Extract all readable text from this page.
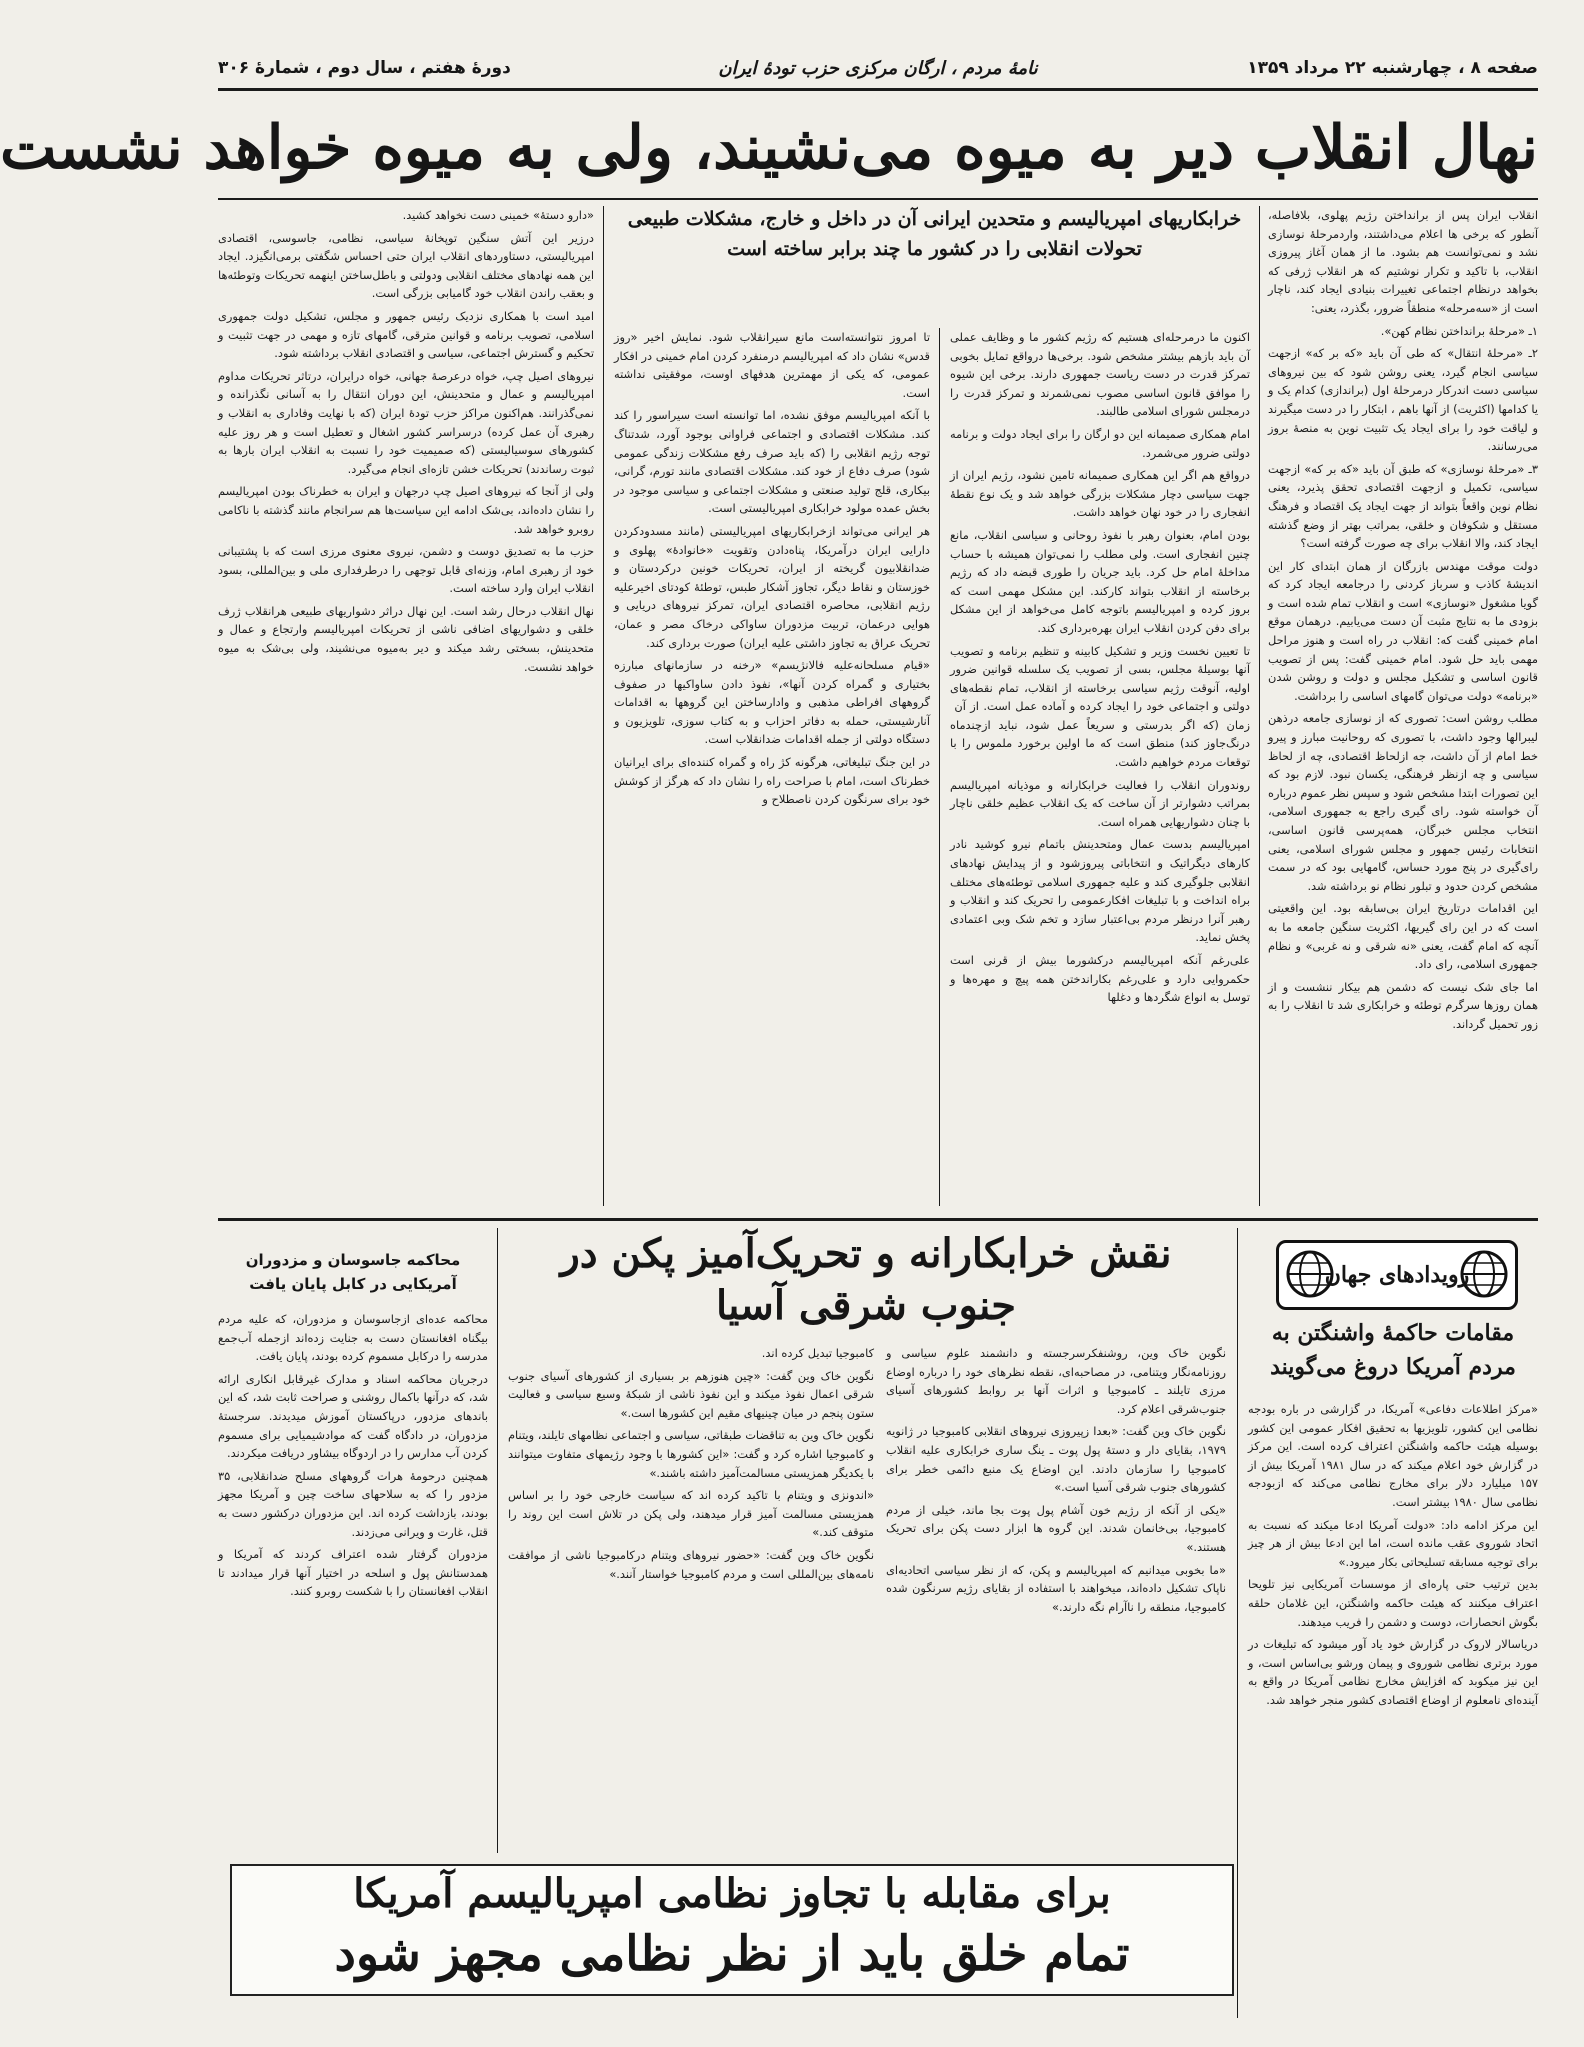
صفحه ۸ ، چهارشنبه ۲۲ مرداد ۱۳۵۹
نامهٔ مردم ، ارگان مرکزی حزب تودهٔ ایران
دورهٔ هفتم ، سال دوم ، شمارهٔ ۳۰۶
نهال انقلاب دیر به میوه می‌نشیند، ولی به میوه خواهد نشست
خرابکاریهای امپریالیسم و متحدین ایرانی آن در داخل و خارج، مشکلات طبیعی تحولات انقلابی را در کشور ما چند برابر ساخته است

انقلاب ایران پس از برانداختن رژیم پهلوی، بلافاصله، آنطور که برخی ها اعلام می‌داشتند، واردمرحلهٔ نوسازی نشد و نمی‌توانست هم بشود. ما از همان آغاز پیروزی انقلاب، با تاکید و تکرار نوشتیم که هر انقلاب ژرفی که بخواهد درنظام اجتماعی تغییرات بنیادی ایجاد کند، ناچار است از «سه‌مرحله» منطقاً ضرور، بگذرد، یعنی:

۱ـ «مرحلهٔ برانداختن نظام کهن».

۲ـ «مرحلهٔ انتقال» که طی آن باید «که بر که» ازجهت سیاسی انجام گیرد، یعنی روشن شود که بین نیروهای سیاسی دست اندرکار درمرحلهٔ اول (براندازی) کدام یک و یا کدامها (اکثریت) از آنها باهم ، ابتکار را در دست میگیرند و لیاقت خود را برای ایجاد یک تثبیت نوین به منصهٔ بروز می‌رسانند.

۳ـ «مرحلهٔ نوسازی» که طبق آن باید «که بر که» ازجهت سیاسی، تکمیل و ازجهت اقتصادی تحقق پذیرد، یعنی نظام نوین واقعاً بتواند از جهت ایجاد یک اقتصاد و فرهنگ مستقل و شکوفان و خلقی، بمراتب بهتر از وضع گذشته ایجاد کند، والا انقلاب برای چه صورت گرفته است؟

دولت موقت مهندس بازرگان از همان ابتدای کار این اندیشهٔ کاذب و سرباز کردنی را درجامعه ایجاد کرد که گویا مشغول «نوسازی» است و انقلاب تمام شده است و بزودی ما به نتایج مثبت آن دست می‌یابیم. درهمان موقع امام خمینی گفت که: انقلاب در راه است و هنوز مراحل مهمی باید حل شود. امام خمینی گفت: پس از تصویب قانون اساسی و تشکیل مجلس و دولت و روشن شدن «برنامه» دولت می‌توان گامهای اساسی را برداشت.

مطلب روشن است: تصوری که از نوسازی جامعه درذهن لیبرالها وجود داشت، با تصوری که روحانیت مبارز و پیرو خط امام از آن داشت، جه ازلحاظ اقتصادی، چه از لحاظ سیاسی و چه ازنظر فرهنگی، یکسان نبود. لازم بود که این تصورات ابتدا مشخص شود و سپس نظر عموم درباره آن خواسته شود. رای گیری راجع به جمهوری اسلامی، انتخاب مجلس خبرگان، همه‌پرسی قانون اساسی، انتخابات رئیس جمهور و مجلس شورای اسلامی، یعنی رای‌گیری در پنج مورد حساس، گامهایی بود که در سمت مشخص کردن حدود و تبلور نظام نو برداشته شد.

این اقدامات درتاریخ ایران بی‌سابقه بود. این واقعیتی است که در این رای گیریها، اکثریت سنگین جامعه ما به آنچه که امام گفت، یعنی «نه شرقی و نه غربی» و نظام جمهوری اسلامی، رای داد.

اما جای شک نیست که دشمن هم بیکار ننشست و از همان روزها سرگرم توطئه و خرابکاری شد تا انقلاب را به زور تحمیل گرداند.

اکنون ما درمرحله‌ای هستیم که رژیم کشور ما و وظایف عملی آن باید بازهم بیشتر مشخص شود. برخی‌ها درواقع تمایل بخوبی تمرکز قدرت در دست ریاست جمهوری دارند. برخی این شیوه را موافق قانون اساسی مصوب نمی‌شمرند و تمرکز قدرت را درمجلس شورای اسلامی طالبند.

امام همکاری صمیمانه این دو ارگان را برای ایجاد دولت و برنامه دولتی ضرور می‌شمرد.

درواقع هم اگر این همکاری صمیمانه تامین نشود، رژیم ایران از جهت سیاسی دچار مشکلات بزرگی خواهد شد و یک نوع نقطهٔ انفجاری را در خود نهان خواهد داشت.

بودن امام، بعنوان رهبر با نفوذ روحانی و سیاسی انقلاب، مانع چنین انفجاری است. ولی مطلب را نمی‌توان همیشه با حساب مداخلهٔ امام حل کرد. باید جریان را طوری قبضه داد که رژیم برخاسته از انقلاب بتواند کارکند. این مشکل مهمی است که بروز کرده و امپریالیسم باتوجه کامل می‌خواهد از این مشکل برای دفن کردن انقلاب ایران بهره‌برداری کند.

تا تعیین نخست وزیر و تشکیل کابینه و تنظیم برنامه و تصویب آنها بوسیلهٔ مجلس، بسی از تصویب یک سلسله قوانین ضرور اولیه، آنوقت رژیم سیاسی برخاسته از انقلاب، تمام نقطه‌های دولتی و اجتماعی خود را ایجاد کرده و آماده عمل است. از آن ‌ ‌زمان (که اگر بدرستی و سریعاً عمل شود، نباید ازچندماه درنگ‌جاوز کند) منطق است که ما اولین برخورد ملموس را با توقعات مردم خواهیم داشت.

روندوران انقلاب را فعالیت خرابکارانه و موذیانه امپریالیسم بمراتب دشوارتر از آن ساخت که یک انقلاب عظیم خلقی ناچار با چنان دشواریهایی همراه است.

امپریالیسم بدست عمال ومتحدینش باتمام نیرو کوشید نادر کارهای دیگراتیک و انتخاباتی پیروزشود و از پیدایش نهادهای انقلابی جلوگیری کند و علیه جمهوری اسلامی توطئه‌های مختلف براه انداخت و با تبلیغات افکارعمومی را تحریک کند و انقلاب و رهبر آنرا درنظر مردم بی‌اعتبار سازد و تخم شک وبی اعتمادی پخش نماید.

علی‌رغم آنکه امپریالیسم درکشورما بیش از قرنی است حکمروایی دارد و علی‌رغم بکاراندختن همه پیچ و مهره‌ها و توسل به انواع شگردها و دغلها

تا امروز نتوانسته‌است مانع سیرانقلاب شود. نمایش اخیر «روز قدس» نشان داد که امپریالیسم درمنفرد کردن امام خمینی در افکار عمومی، که یکی از مهمترین هدفهای اوست، موفقیتی نداشته است.

با آنکه امپریالیسم موفق نشده، اما توانسته است سیراسور را کند کند. مشکلات اقتصادی و اجتماعی فراوانی بوجود آورد، شدتناگ توجه رژیم انقلابی را (که باید صرف رفع مشکلات زندگی عمومی شود) صرف دفاع از خود کند. مشکلات اقتصادی مانند تورم، گرانی، بیکاری، قلج تولید صنعتی و مشکلات اجتماعی و سیاسی موجود در بخش عمده مولود خرابکاری امپریالیستی است.

هر ایرانی می‌تواند ازخرابکاریهای امپریالیستی (مانند مسدودکردن دارایی ایران درآمریکا، پناه‌دادن وتقویت «خانوادهٔ» پهلوی و ضدانقلابیون گریخته از ایران، تحریکات خونین درکردستان و خوزستان و نقاط دیگر، تجاوز آشکار طبس، توطئهٔ کودتای اخیرعلیه رژیم انقلابی، محاصره اقتصادی ایران، تمرکز نیروهای دریایی و هوایی درعمان، تربیت مزدوران ساواکی درخاک مصر و عمان، تحریک عراق به تجاوز داشتی علیه ایران) صورت برداری کند.

«قیام مسلحانه‌علیه فالانژیسم» «رخنه در سازمانهای مبارزه بختیاری و گمراه کردن آنها»، نفوذ دادن ساواکیها در صفوف گروههای افراطی مذهبی و وادارساختن این گروهها به اقدامات آنارشیستی، حمله به دفاتر احزاب و به کتاب سوزی، تلویزیون و دستگاه دولتی از جمله اقدامات ضدانقلاب است.

در این جنگ تبلیغاتی، هرگونه کژ راه و گمراه کننده‌ای برای ایرانیان خطرناک است، امام با صراحت راه را نشان داد که هرگز از کوشش خود برای سرنگون کردن ناصطلاح و

«دارو دستهٔ» خمینی دست نخواهد کشید.

درزیر این آتش سنگین توپخانهٔ سیاسی، نظامی، جاسوسی، اقتصادی امپریالیستی، دستاوردهای انقلاب ایران حتی احساس شگفتی برمی‌انگیزد. ایجاد این همه نهادهای مختلف انقلابی ودولتی و باطل‌ساختن اینهمه تحریکات وتوطئه‌ها و بعقب راندن انقلاب خود گامیابی بزرگی است.

امید است با همکاری نزدیک رئیس جمهور و مجلس، تشکیل دولت جمهوری اسلامی، تصویب برنامه و قوانین مترقی، گامهای تازه و مهمی در جهت تثبیت و تحکیم و گسترش اجتماعی، سیاسی و اقتصادی انقلاب برداشته شود.

نیروهای اصیل چپ، خواه درعرصهٔ جهانی، خواه درایران، درتاثر تحریکات مداوم امپریالیسم و عمال و متحدینش، این دوران انتقال را به آسانی نگذرانده و نمی‌گذرانند. هم‌اکنون مراکز حزب تودهٔ ایران (که با نهایت وفاداری به انقلاب و رهبری آن عمل کرده) درسراسر کشور اشغال و تعطیل است و هر روز علیه کشورهای سوسیالیستی (که صمیمیت خود را نسبت به انقلاب ایران بارها به ثبوت رساندند) تحریکات خشن تازه‌ای انجام می‌گیرد.

ولی از آنجا که نیروهای اصیل چپ درجهان و ایران به خطرناک بودن امپریالیسم را نشان داده‌اند، بی‌شک ادامه این سیاست‌ها هم سرانجام مانند گذشته با ناکامی روبرو خواهد شد.

حزب ما به تصدیق دوست و دشمن، نیروی معنوی مرزی است که با پشتیبانی خود از رهبری امام، وزنه‌ای قابل توجهی را درطرفداری ملی و بین‌المللی، بسود انقلاب ایران وارد ساخته است.

نهال انقلاب درحال رشد است. این نهال دراثر دشواریهای طبیعی هرانقلاب ژرف خلقی و دشواریهای اضافی ناشی از تحریکات امپریالیسم وارتجاع و عمال و متحدینش، بسختی رشد میکند و دیر به‌میوه می‌نشیند، ولی بی‌شک به میوه خواهد نشست.

رویدادهای جهان
مقامات حاکمهٔ واشنگتن به مردم آمریکا دروغ می‌گویند

«مرکز اطلاعات دفاعی» آمریکا، در گزارشی در باره بودجه نظامی این کشور، تلویزیها به تحقیق افکار عمومی این کشور بوسیله هیئت حاکمه واشنگتن اعتراف کرده است. این مرکز در گزارش خود اعلام میکند که در سال ۱۹۸۱ آمریکا بیش از ۱۵۷ میلیارد دلار برای مخارج نظامی می‌کند که ازبودجه نظامی سال ۱۹۸۰ بیشتر است.

این مرکز ادامه داد: «دولت آمریکا ادعا میکند که نسبت به اتحاد شوروی عقب مانده است، اما این ادعا بیش از هر چیز برای توجیه مسابقه تسلیحاتی بکار میرود.»

بدین ترتیب حتی پاره‌ای از موسسات آمریکایی نیز تلویحا اعتراف میکنند که هیئت حاکمه واشنگتن، این غلامان حلقه بگوش انحصارات، دوست و دشمن را فریب میدهند.

دریاسالار لاروک در گزارش خود یاد آور میشود که تبلیغات در مورد برتری نظامی شوروی و پیمان ورشو بی‌اساس است، و این نیز میکوبد که افزایش مخارج نظامی آمریکا در واقع به آینده‌ای نامعلوم از اوضاع اقتصادی کشور منجر خواهد شد.

نقش خرابکارانه و تحریک‌آمیز پکن در
جنوب شرقی آسیا

نگوین خاک وین، روشنفکرسرجسته و دانشمند علوم سیاسی و روزنامه‌نگار ویتنامی، در مصاحبه‌ای، نقطه نظرهای خود را درباره اوضاع مرزی تایلند ـ کامبوجیا و اثرات آنها بر روابط کشورهای آسیای جنوب‌شرقی اعلام کرد.

نگوین خاک وین گفت: «بعدا زپیروزی نیروهای انقلابی کامبوجیا در ژانویه ۱۹۷۹، بقایای دار و دستهٔ پول پوت ـ ینگ ساری خرابکاری علیه انقلاب کامبوجیا را سازمان دادند. این اوضاع یک منبع دائمی خطر برای کشورهای جنوب شرقی آسیا است.»

«یکی از آنکه از رژیم خون آشام پول پوت بجا ماند، خیلی از مردم کامبوجیا، بی‌خانمان شدند. این گروه ها ابزار دست پکن برای تحریک هستند.»

«ما بخوبی میدانیم که امپریالیسم و پکن، که از نظر سیاسی اتحادیه‌ای ناپاک تشکیل داده‌اند، میخواهند با استفاده از بقایای رژیم سرنگون شده کامبوجیا، منطقه را ناآرام نگه دارند.»

کامبوجیا تبدیل کرده اند.

نگوین خاک وین گفت: «چین هنوزهم بر بسیاری از کشورهای آسیای جنوب شرقی اعمال نفوذ میکند و این نفوذ ناشی از شبکهٔ وسیع سیاسی و فعالیت ستون پنجم در میان چینیهای مقیم این کشورها است.»

نگوین خاک وین به تناقضات طبقاتی، سیاسی و اجتماعی نظامهای تایلند، ویتنام و کامبوجیا اشاره کرد و گفت: «این کشورها با وجود رژیمهای متفاوت میتوانند با یکدیگر همزیستی مسالمت‌آمیز داشته باشند.»

«اندونزی و ویتنام با تاکید کرده اند که سیاست خارجی خود را بر اساس همزیستی مسالمت آمیز قرار میدهند، ولی پکن در تلاش است این روند را متوقف کند.»

نگوین خاک وین گفت: «حضور نیروهای ویتنام درکامبوجیا ناشی از موافقت نامه‌های بین‌المللی است و مردم کامبوجیا خواستار آنند.»

محاکمه جاسوسان و مزدوران آمریکایی در کابل پایان یافت

محاکمه عده‌ای ازجاسوسان و مزدوران، که علیه مردم بیگناه افغانستان دست به جنایت زده‌اند ازجمله آب‌جمع مدرسه را درکابل مسموم کرده بودند، پایان یافت.

درجریان محاکمه اسناد و مدارک غیرقابل انکاری ارائه شد، که درآنها باکمال روشنی و صراحت ثابت شد، که این باندهای مزدور، درپاکستان آموزش میدیدند. سرجستهٔ مزدوران، در دادگاه گفت که موادشیمیایی برای مسموم کردن آب مدارس را در اردوگاه بیشاور دریافت میکردند.

همچنین درحومهٔ هرات گروههای مسلح ضدانقلابی، ۳۵ مزدور را که به سلاحهای ساخت چین و آمریکا مجهز بودند، بازداشت کرده اند. این مزدوران درکشور دست به قتل، غارت و ویرانی می‌زدند.

مزدوران گرفتار شده اعتراف کردند که آمریکا و همدستانش پول و اسلحه در اختیار آنها قرار میدادند تا انقلاب افغانستان را با شکست روبرو کنند.

برای مقابله با تجاوز نظامی امپریالیسم آمریکا
تمام خلق باید از نظر نظامی مجهز شود
